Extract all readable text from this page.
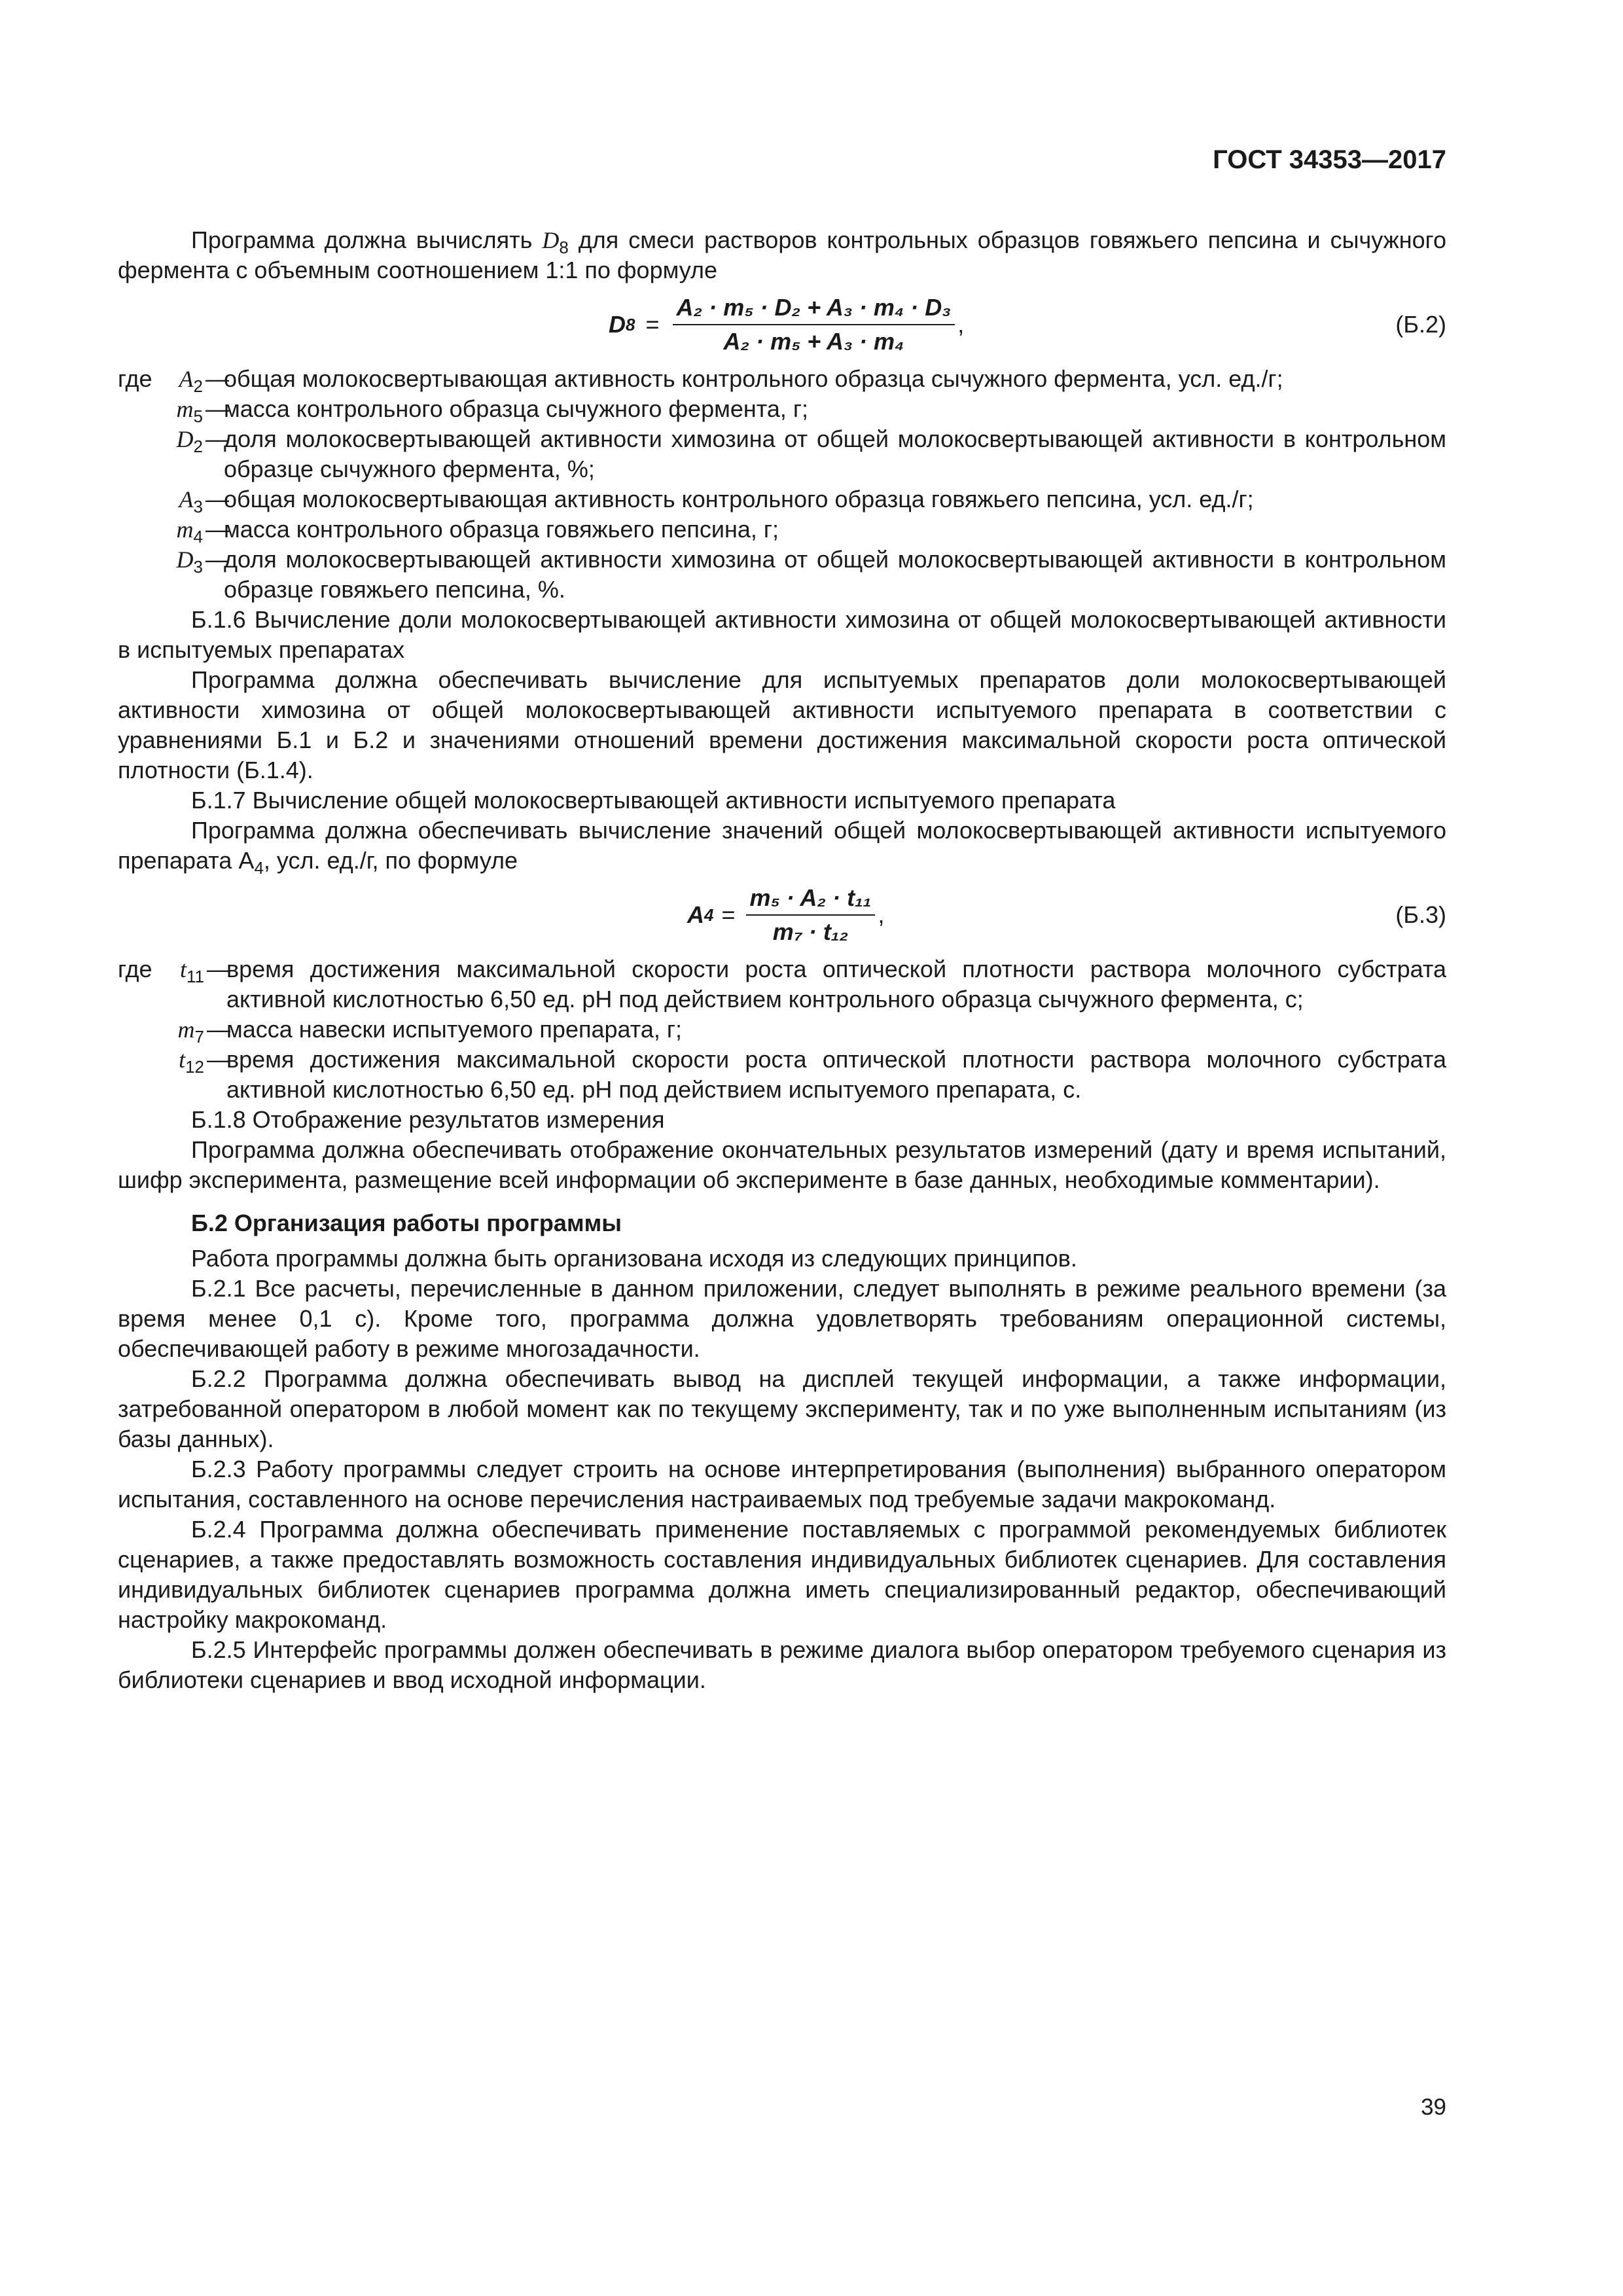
ГОСТ 34353—2017

Программа должна вычислять $D_8$ для смеси растворов контрольных образцов говяжьего пепсина и сычужного фермента с объемным соотношением 1:1 по формуле

D $8 = \frac{\text{A₂ · m₅ · D₂ + A₃ · m₄ · D₃}}{\text{A₂ · m₅ + A₃ · m₄}}$ ,	(Б.2)
где	$A_2$ —
общая молокосвертывающая активность контрольного образца сычужного фермента, усл. ед./г;
$m_5$ —
масса контрольного образца сычужного фермента, г;
$D_2$ —
доля молокосвертывающей активности химозина от общей молокосвертывающей активности в контрольном образце сычужного фермента, %;
$A_3$ —
общая молокосвертывающая активность контрольного образца говяжьего пепсина, усл. ед./г;
$m_4$ —
масса контрольного образца говяжьего пепсина, г;
$D_3$ —
доля молокосвертывающей активности химозина от общей молокосвертывающей активности в контрольном образце говяжьего пепсина, %.

Б.1.6 Вычисление доли молокосвертывающей активности химозина от общей молокосвертывающей активности в испытуемых препаратах

Программа должна обеспечивать вычисление для испытуемых препаратов доли молокосвертывающей активности химозина от общей молокосвертывающей активности испытуемого препарата в соответствии с уравнениями Б.1 и Б.2 и значениями отношений времени достижения максимальной скорости роста оптической плотности (Б.1.4).

Б.1.7 Вычисление общей молокосвертывающей активности испытуемого препарата

Программа должна обеспечивать вычисление значений общей молокосвертывающей активности испытуемого препарата $А_4$, усл. ед./г, по формуле

A $4 = \frac{\text{m₅ · A₂ · t₁₁}}{\text{m₇ · t₁₂}}$ ,	(Б.3)
где	$t_{11}$ —
время достижения максимальной скорости роста оптической плотности раствора молочного субстрата активной кислотностью 6,50 ед. рН под действием контрольного образца сычужного фермента, с;
$m_7$ —
масса навески испытуемого препарата, г;
$t_{12}$ —
время достижения максимальной скорости роста оптической плотности раствора молочного субстрата активной кислотностью 6,50 ед. рН под действием испытуемого препарата, с.

Б.1.8 Отображение результатов измерения

Программа должна обеспечивать отображение окончательных результатов измерений (дату и время испытаний, шифр эксперимента, размещение всей информации об эксперименте в базе данных, необходимые комментарии).

Б.2 Организация работы программы

Работа программы должна быть организована исходя из следующих принципов.

Б.2.1 Все расчеты, перечисленные в данном приложении, следует выполнять в режиме реального времени (за время менее 0,1 с). Кроме того, программа должна удовлетворять требованиям операционной системы, обеспечивающей работу в режиме многозадачности.

Б.2.2 Программа должна обеспечивать вывод на дисплей текущей информации, а также информации, затребованной оператором в любой момент как по текущему эксперименту, так и по уже выполненным испытаниям (из базы данных).

Б.2.3 Работу программы следует строить на основе интерпретирования (выполнения) выбранного оператором испытания, составленного на основе перечисления настраиваемых под требуемые задачи макрокоманд.

Б.2.4 Программа должна обеспечивать применение поставляемых с программой рекомендуемых библиотек сценариев, а также предоставлять возможность составления индивидуальных библиотек сценариев. Для составления индивидуальных библиотек сценариев программа должна иметь специализированный редактор, обеспечивающий настройку макрокоманд.

Б.2.5 Интерфейс программы должен обеспечивать в режиме диалога выбор оператором требуемого сценария из библиотеки сценариев и ввод исходной информации.

39
